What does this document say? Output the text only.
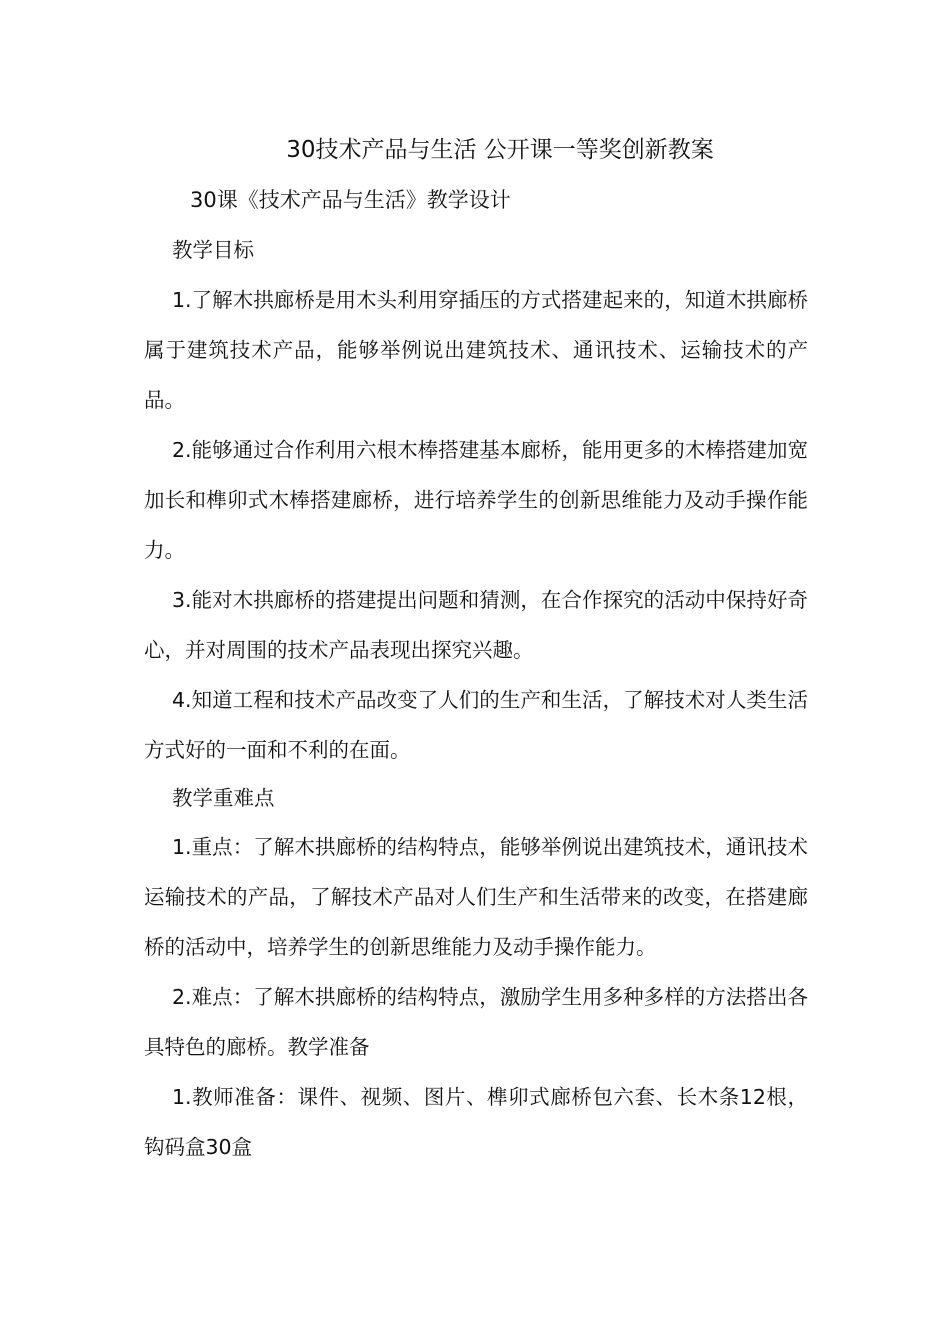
30技术产品与生活 公开课一等奖创新教案
30课《技术产品与生活》教学设计
教学目标

1.了解木拱廊桥是用木头利用穿插压的方式搭建起来的，知道木拱廊桥属于建筑技术产品，能够举例说出建筑技术、通讯技术、运输技术的产品。

2.能够通过合作利用六根木棒搭建基本廊桥，能用更多的木棒搭建加宽加长和榫卯式木棒搭建廊桥，进行培养学生的创新思维能力及动手操作能力。

3.能对木拱廊桥的搭建提出问题和猜测，在合作探究的活动中保持好奇心，并对周围的技术产品表现出探究兴趣。

4.知道工程和技术产品改变了人们的生产和生活，了解技术对人类生活方式好的一面和不利的在面。

教学重难点

1.重点：了解木拱廊桥的结构特点，能够举例说出建筑技术，通讯技术运输技术的产品，了解技术产品对人们生产和生活带来的改变，在搭建廊桥的活动中，培养学生的创新思维能力及动手操作能力。

2.难点：了解木拱廊桥的结构特点，激励学生用多种多样的方法搭出各具特色的廊桥。教学准备

1.教师准备：课件、视频、图片、榫卯式廊桥包六套、长木条12根，钩码盒30盒
